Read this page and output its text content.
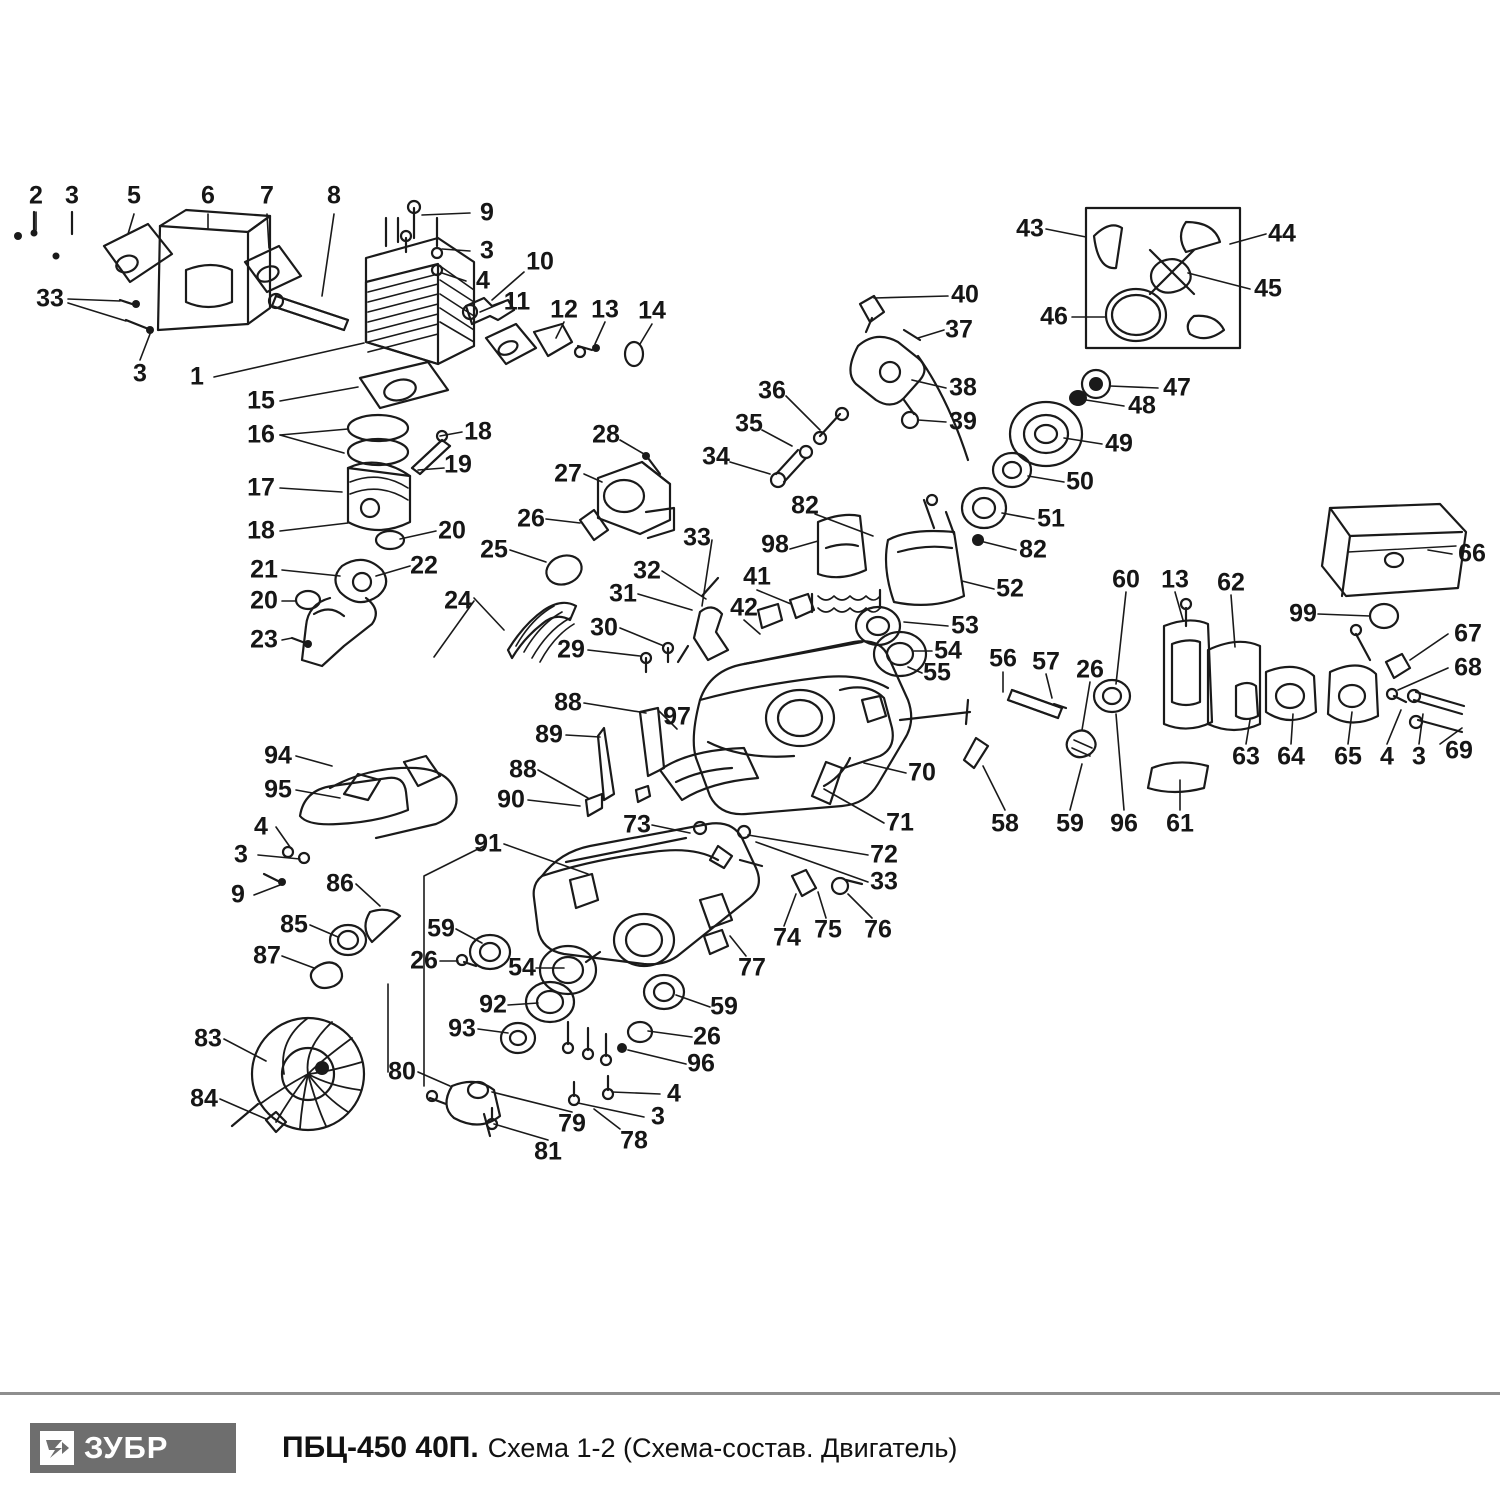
2 3 5 6 7 8
9
3
4
10
11 12 13 14
33
3 1
15
16	18
19
17
18	20
21	22
20
23
24
25
26
27
28
29
30
31
32
33
42
41
98
82
34
35
36
37
38
39
40
43	44
45
46
47
48
49
50
51
82
52
53
54
55 56 57 26
60 13 62
99
66
67
68
69
63 64 65 4 3
58 59 96 61
70
71
72
33
76
75
74
77
73
88
89
97
88
90
91
94
95
4
3
9	86
85
87
59
26	54
92
93
59
26
96
4
3
78
79
81
80
83
84
ЗУБР	ПБЦ-450 40П. Схема 1-2 (Схема-состав. Двигатель)
